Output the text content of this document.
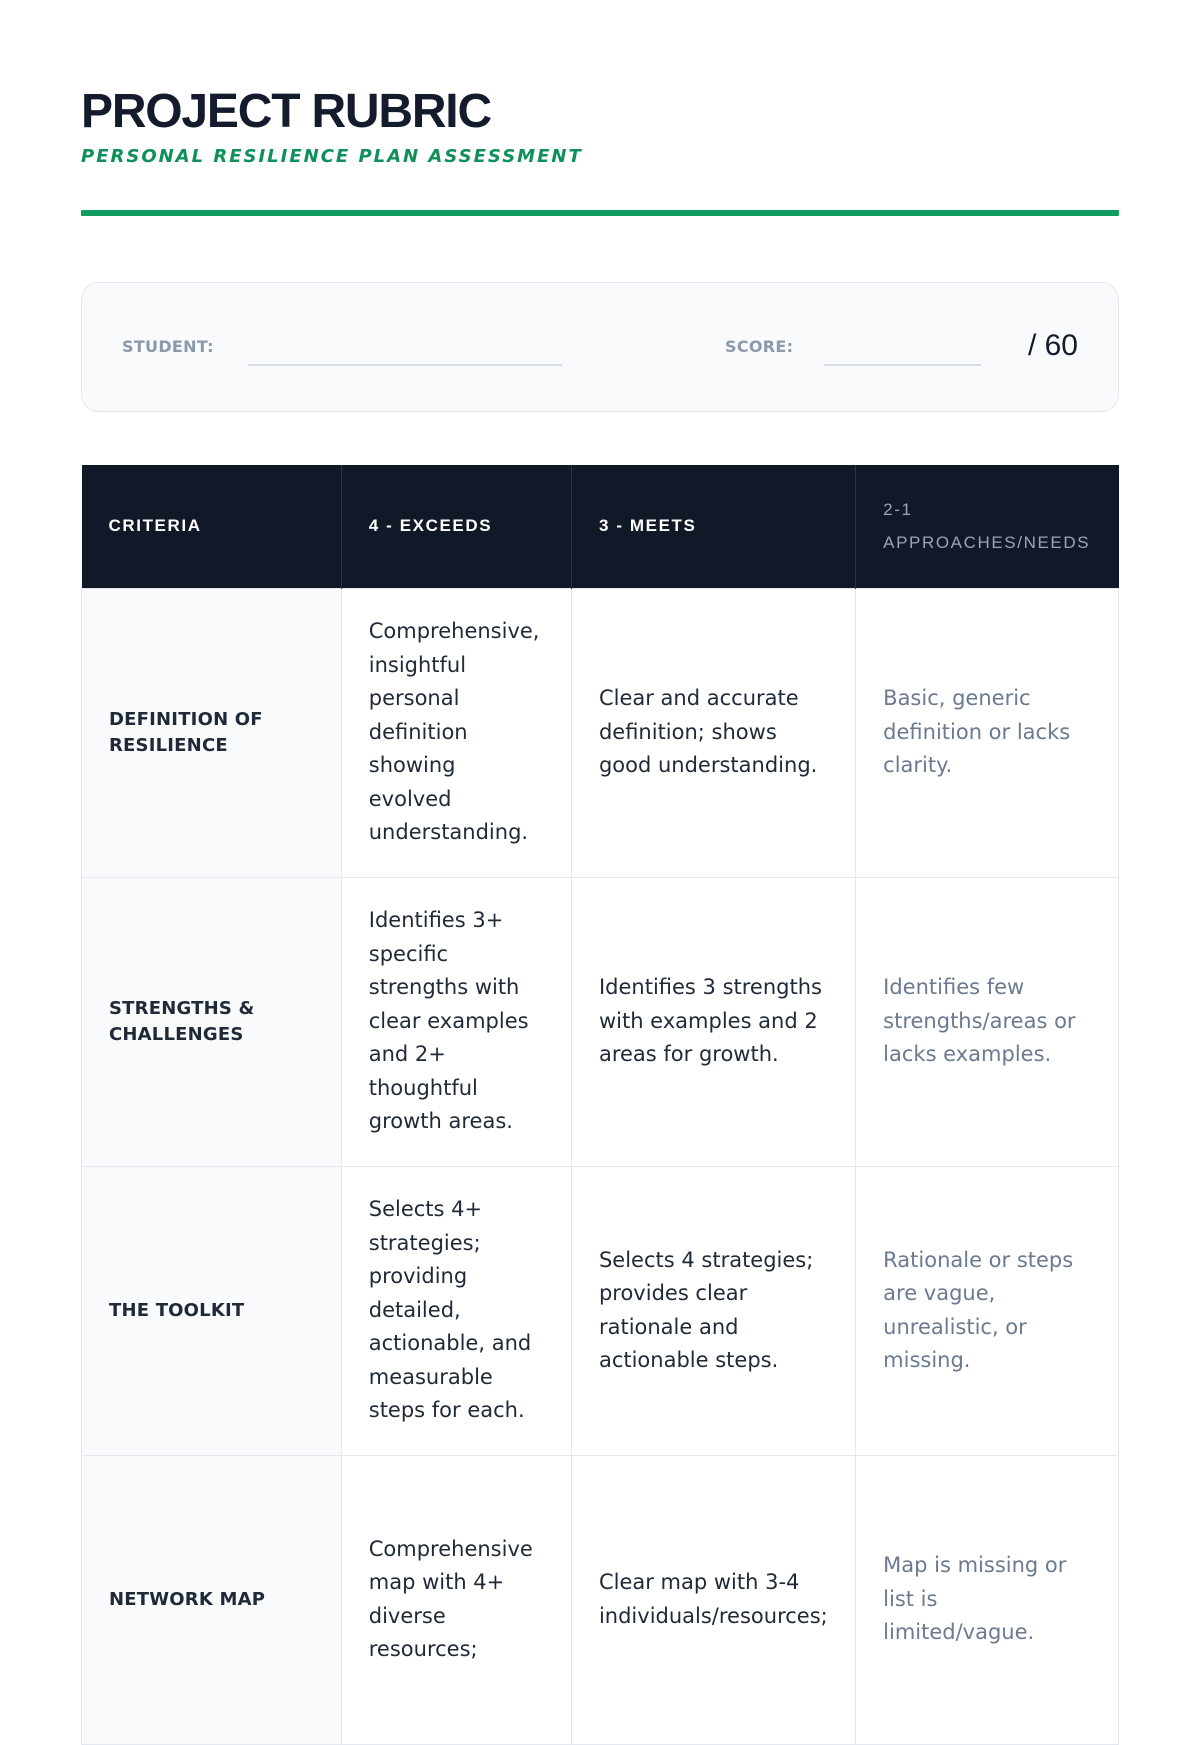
PROJECT RUBRIC
PERSONAL RESILIENCE PLAN ASSESSMENT
STUDENT:	SCORE:	/ 60
CRITERIA	4 - EXCEEDS	3 - MEETS	2-1 APPROACHES/NEEDS
DEFINITION OF RESILIENCE	Comprehensive, insightful personal definition showing evolved understanding.	Clear and accurate definition; shows good understanding.	Basic, generic definition or lacks clarity.
STRENGTHS & CHALLENGES	Identifies 3+ specific strengths with clear examples and 2+ thoughtful growth areas.	Identifies 3 strengths with examples and 2 areas for growth.	Identifies few strengths/areas or lacks examples.
THE TOOLKIT	Selects 4+ strategies; providing detailed, actionable, and measurable steps for each.	Selects 4 strategies; provides clear rationale and actionable steps.	Rationale or steps are vague, unrealistic, or missing.
NETWORK MAP	Comprehensive map with 4+ diverse resources;	Clear map with 3-4 individuals/resources;	Map is missing or list is limited/vague.
